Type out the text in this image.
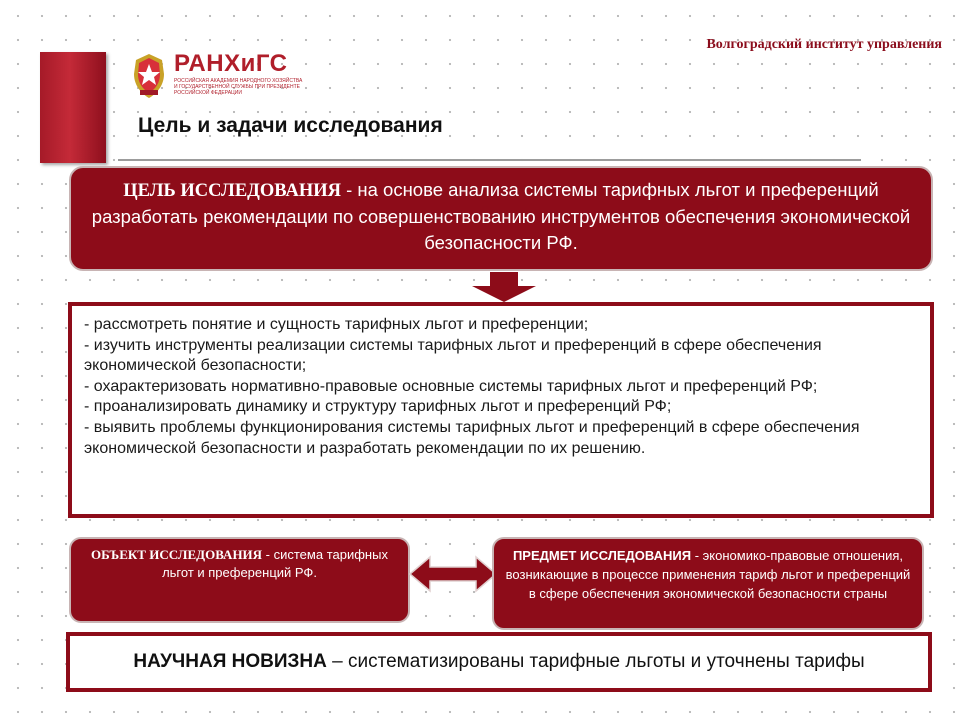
Волгоградский институт управления
РАНХиГС
РОССИЙСКАЯ АКАДЕМИЯ НАРОДНОГО ХОЗЯЙСТВА И ГОСУДАРСТВЕННОЙ СЛУЖБЫ ПРИ ПРЕЗИДЕНТЕ РОССИЙСКОЙ ФЕДЕРАЦИИ
Цель и задачи исследования
ЦЕЛЬ ИССЛЕДОВАНИЯ - на основе анализа системы тарифных льгот и преференций разработать рекомендации по совершенствованию инструментов обеспечения экономической безопасности РФ.
- рассмотреть понятие и сущность тарифных льгот и преференции;
- изучить инструменты реализации системы тарифных льгот и преференций в сфере обеспечения экономической безопасности;
- охарактеризовать нормативно-правовые основные системы тарифных льгот и преференций РФ;
- проанализировать динамику и структуру тарифных льгот и преференций РФ;
- выявить проблемы функционирования системы тарифных льгот и преференций в сфере обеспечения экономической безопасности и разработать рекомендации по их решению.
ОБЪЕКТ ИССЛЕДОВАНИЯ - система тарифных льгот и преференций РФ.
ПРЕДМЕТ ИССЛЕДОВАНИЯ - экономико-правовые отношения, возникающие в процессе применения тариф льгот и преференций в сфере обеспечения экономической безопасности страны
НАУЧНАЯ НОВИЗНА – систематизированы тарифные льготы и уточнены тарифы
